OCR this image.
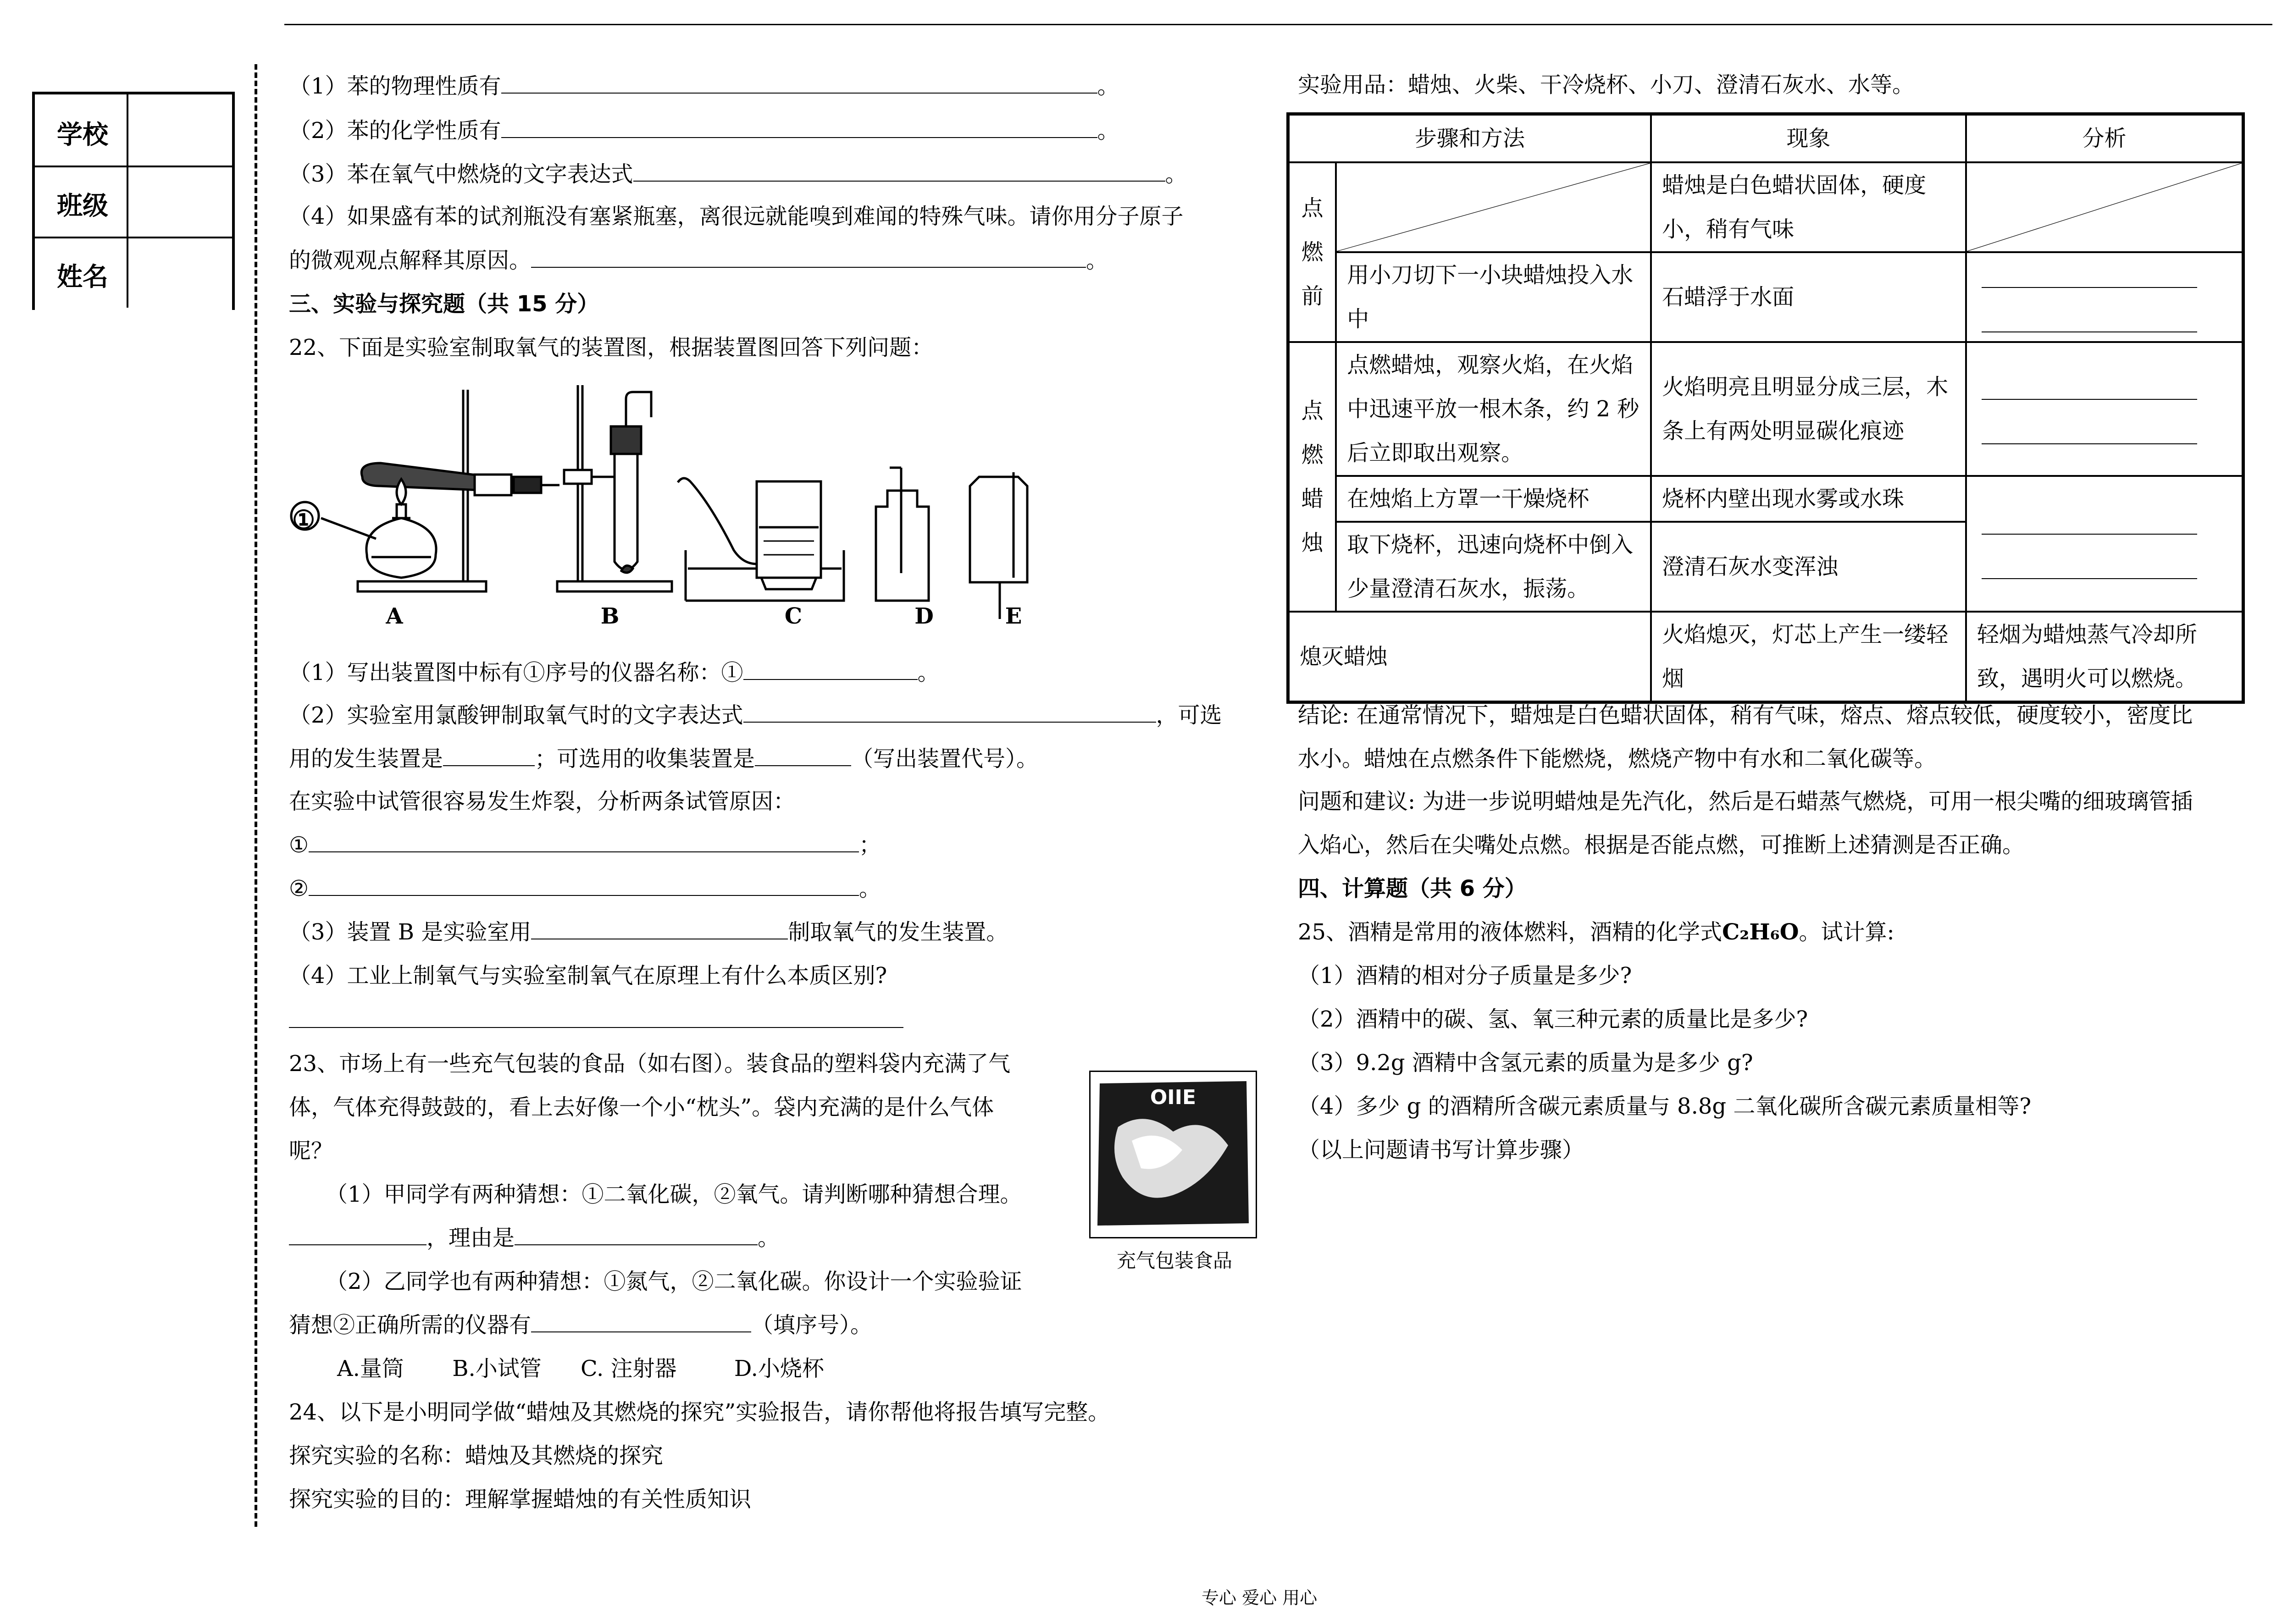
学校
班级
姓名
（1）苯的物理性质有	。
（2）苯的化学性质有	。
（3）苯在氧气中燃烧的文字表达式	。
（4）如果盛有苯的试剂瓶没有塞紧瓶塞，离很远就能嗅到难闻的特殊气味。请你用分子原子
的微观观点解释其原因。	。
三、实验与探究题（共 15 分）
22、下面是实验室制取氧气的装置图，根据装置图回答下列问题：
A	B	C	D	E
①
（1）写出装置图中标有①序号的仪器名称：①	。
（2）实验室用氯酸钾制取氧气时的文字表达式	，可选
用的发生装置是	；可选用的收集装置是	（写出装置代号）。
在实验中试管很容易发生炸裂，分析两条试管原因：
①	；
②	。
（3）装置 B 是实验室用	制取氧气的发生装置。
（4）工业上制氧气与实验室制氧气在原理上有什么本质区别?
23、市场上有一些充气包装的食品（如右图）。装食品的塑料袋内充满了气
体，气体充得鼓鼓的，看上去好像一个小“枕头”。袋内充满的是什么气体
呢？
（1）甲同学有两种猜想：①二氧化碳，②氧气。请判断哪种猜想合理。
，理由是	。
（2）乙同学也有两种猜想：①氮气，②二氧化碳。你设计一个实验验证
猜想②正确所需的仪器有	（填序号）。
A.量筒 B.小试管 C. 注射器	D.小烧杯
OIIE
充气包装食品
24、以下是小明同学做“蜡烛及其燃烧的探究”实验报告，请你帮他将报告填写完整。
探究实验的名称：蜡烛及其燃烧的探究
探究实验的目的：理解掌握蜡烛的有关性质知识
实验用品：蜡烛、火柴、干冷烧杯、小刀、澄清石灰水、水等。
步骤和方法		现象	分析
点燃前		蜡烛是白色蜡状固体，硬度小，稍有气味	

	用小刀切下一小块蜡烛投入水中	石蜡浮于水面	

点燃蜡烛	点燃蜡烛，观察火焰，在火焰中迅速平放一根木条，约 2 秒后立即取出观察。	火焰明亮且明显分成三层，木条上有两处明显碳化痕迹	

	在烛焰上方罩一干燥烧杯	烧杯内壁出现水雾或水珠	

	取下烧杯，迅速向烧杯中倒入少量澄清石灰水，振荡。	澄清石灰水变浑浊	
熄灭蜡烛		火焰熄灭，灯芯上产生一缕轻烟	轻烟为蜡烛蒸气冷却所致，遇明火可以燃烧。
结论: 在通常情况下，蜡烛是白色蜡状固体，稍有气味，熔点、熔点较低，硬度较小，密度比
水小。蜡烛在点燃条件下能燃烧，燃烧产物中有水和二氧化碳等。
问题和建议: 为进一步说明蜡烛是先汽化，然后是石蜡蒸气燃烧，可用一根尖嘴的细玻璃管插
入焰心，然后在尖嘴处点燃。根据是否能点燃，可推断上述猜测是否正确。
四、计算题（共 6 分）
25、酒精是常用的液体燃料，酒精的化学式C₂H₆O。试计算:
（1）酒精的相对分子质量是多少?
（2）酒精中的碳、氢、氧三种元素的质量比是多少?
（3）9.2g 酒精中含氢元素的质量为是多少 g?
（4）多少 g 的酒精所含碳元素质量与 8.8g 二氧化碳所含碳元素质量相等?
（以上问题请书写计算步骤）
专心 爱心 用心
